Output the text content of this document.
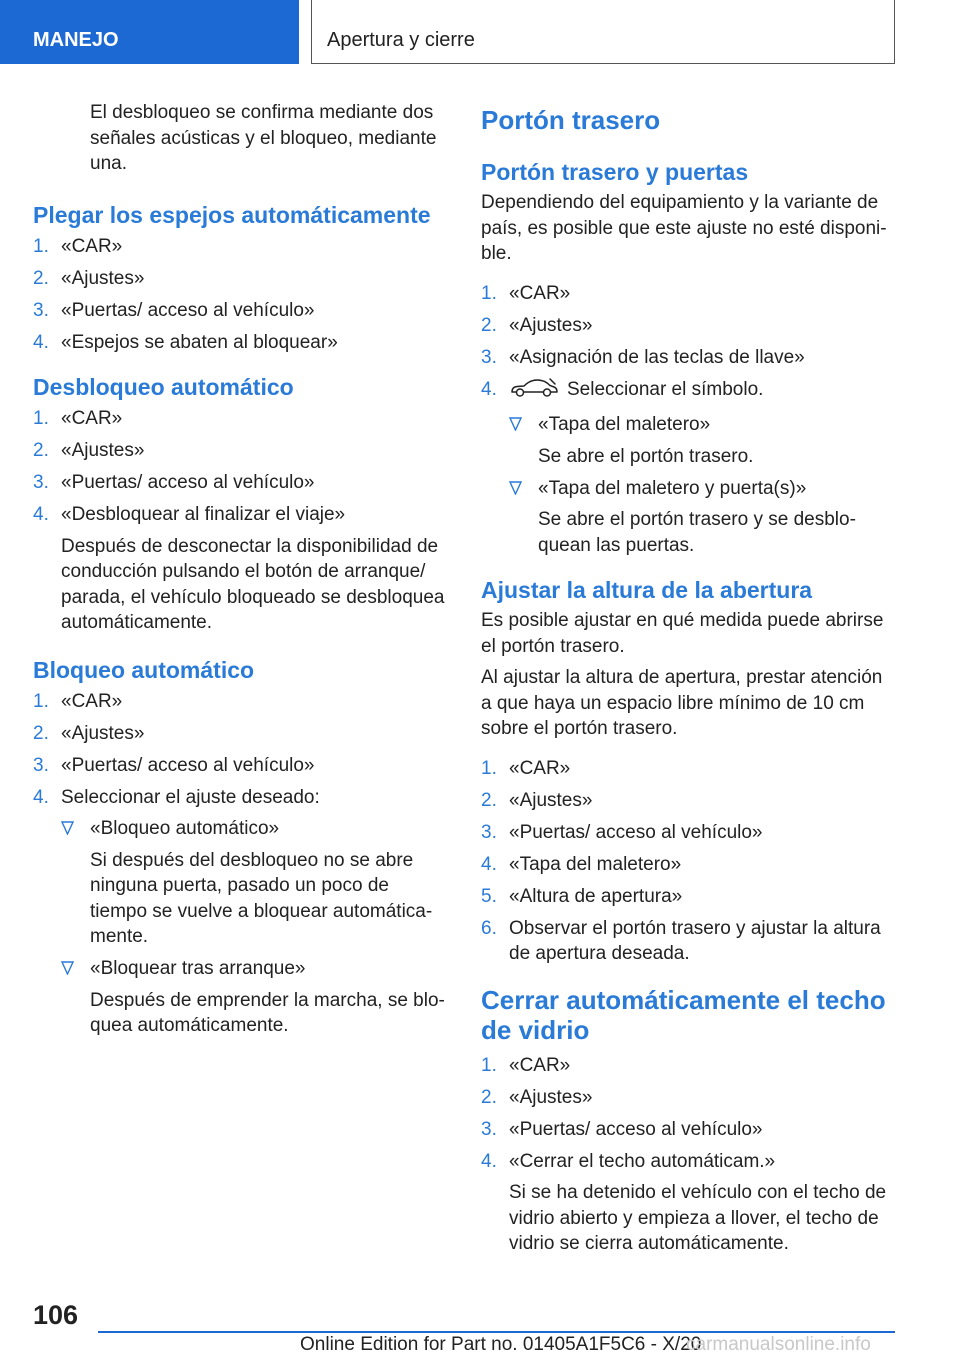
MANEJO	Apertura y cierre

El desbloqueo se confirma mediante dos señales acústicas y el bloqueo, mediante una.

Plegar los espejos automáticamente
1. «CAR»
2. «Ajustes»
3. «Puertas/ acceso al vehículo»
4. «Espejos se abaten al bloquear»
Desbloqueo automático
1. «CAR»
2. «Ajustes»
3. «Puertas/ acceso al vehículo»
4. «Desbloquear al finalizar el viaje»
Después de desconectar la disponibilidad de conducción pulsando el botón de arranque/ parada, el vehículo bloqueado se desbloquea automáticamente.
Bloqueo automático
1. «CAR»
2. «Ajustes»
3. «Puertas/ acceso al vehículo»
4. Seleccionar el ajuste deseado:
«Bloqueo automático»
Si después del desbloqueo no se abre ninguna puerta, pasado un poco de tiempo se vuelve a bloquear automáticamente.
«Bloquear tras arranque»
Después de emprender la marcha, se bloquea automáticamente.
Portón trasero
Portón trasero y puertas

Dependiendo del equipamiento y la variante de país, es posible que este ajuste no esté disponible.

1. «CAR»
2. «Ajustes»
3. «Asignación de las teclas de llave»
4.	Seleccionar el símbolo.
«Tapa del maletero»
Se abre el portón trasero.
«Tapa del maletero y puerta(s)»
Se abre el portón trasero y se desbloquean las puertas.
Ajustar la altura de la abertura

Es posible ajustar en qué medida puede abrirse el portón trasero.

Al ajustar la altura de apertura, prestar atención a que haya un espacio libre mínimo de 10 cm sobre el portón trasero.

1. «CAR»
2. «Ajustes»
3. «Puertas/ acceso al vehículo»
4. «Tapa del maletero»
5. «Altura de apertura»
6. Observar el portón trasero y ajustar la altura de apertura deseada.
Cerrar automáticamente el techo de vidrio
1. «CAR»
2. «Ajustes»
3. «Puertas/ acceso al vehículo»
4. «Cerrar el techo automáticam.»
Si se ha detenido el vehículo con el techo de vidrio abierto y empieza a llover, el techo de vidrio se cierra automáticamente.
106
Online Edition for Part no. 01405A1F5C6 - X/20
carmanualsonline.info
